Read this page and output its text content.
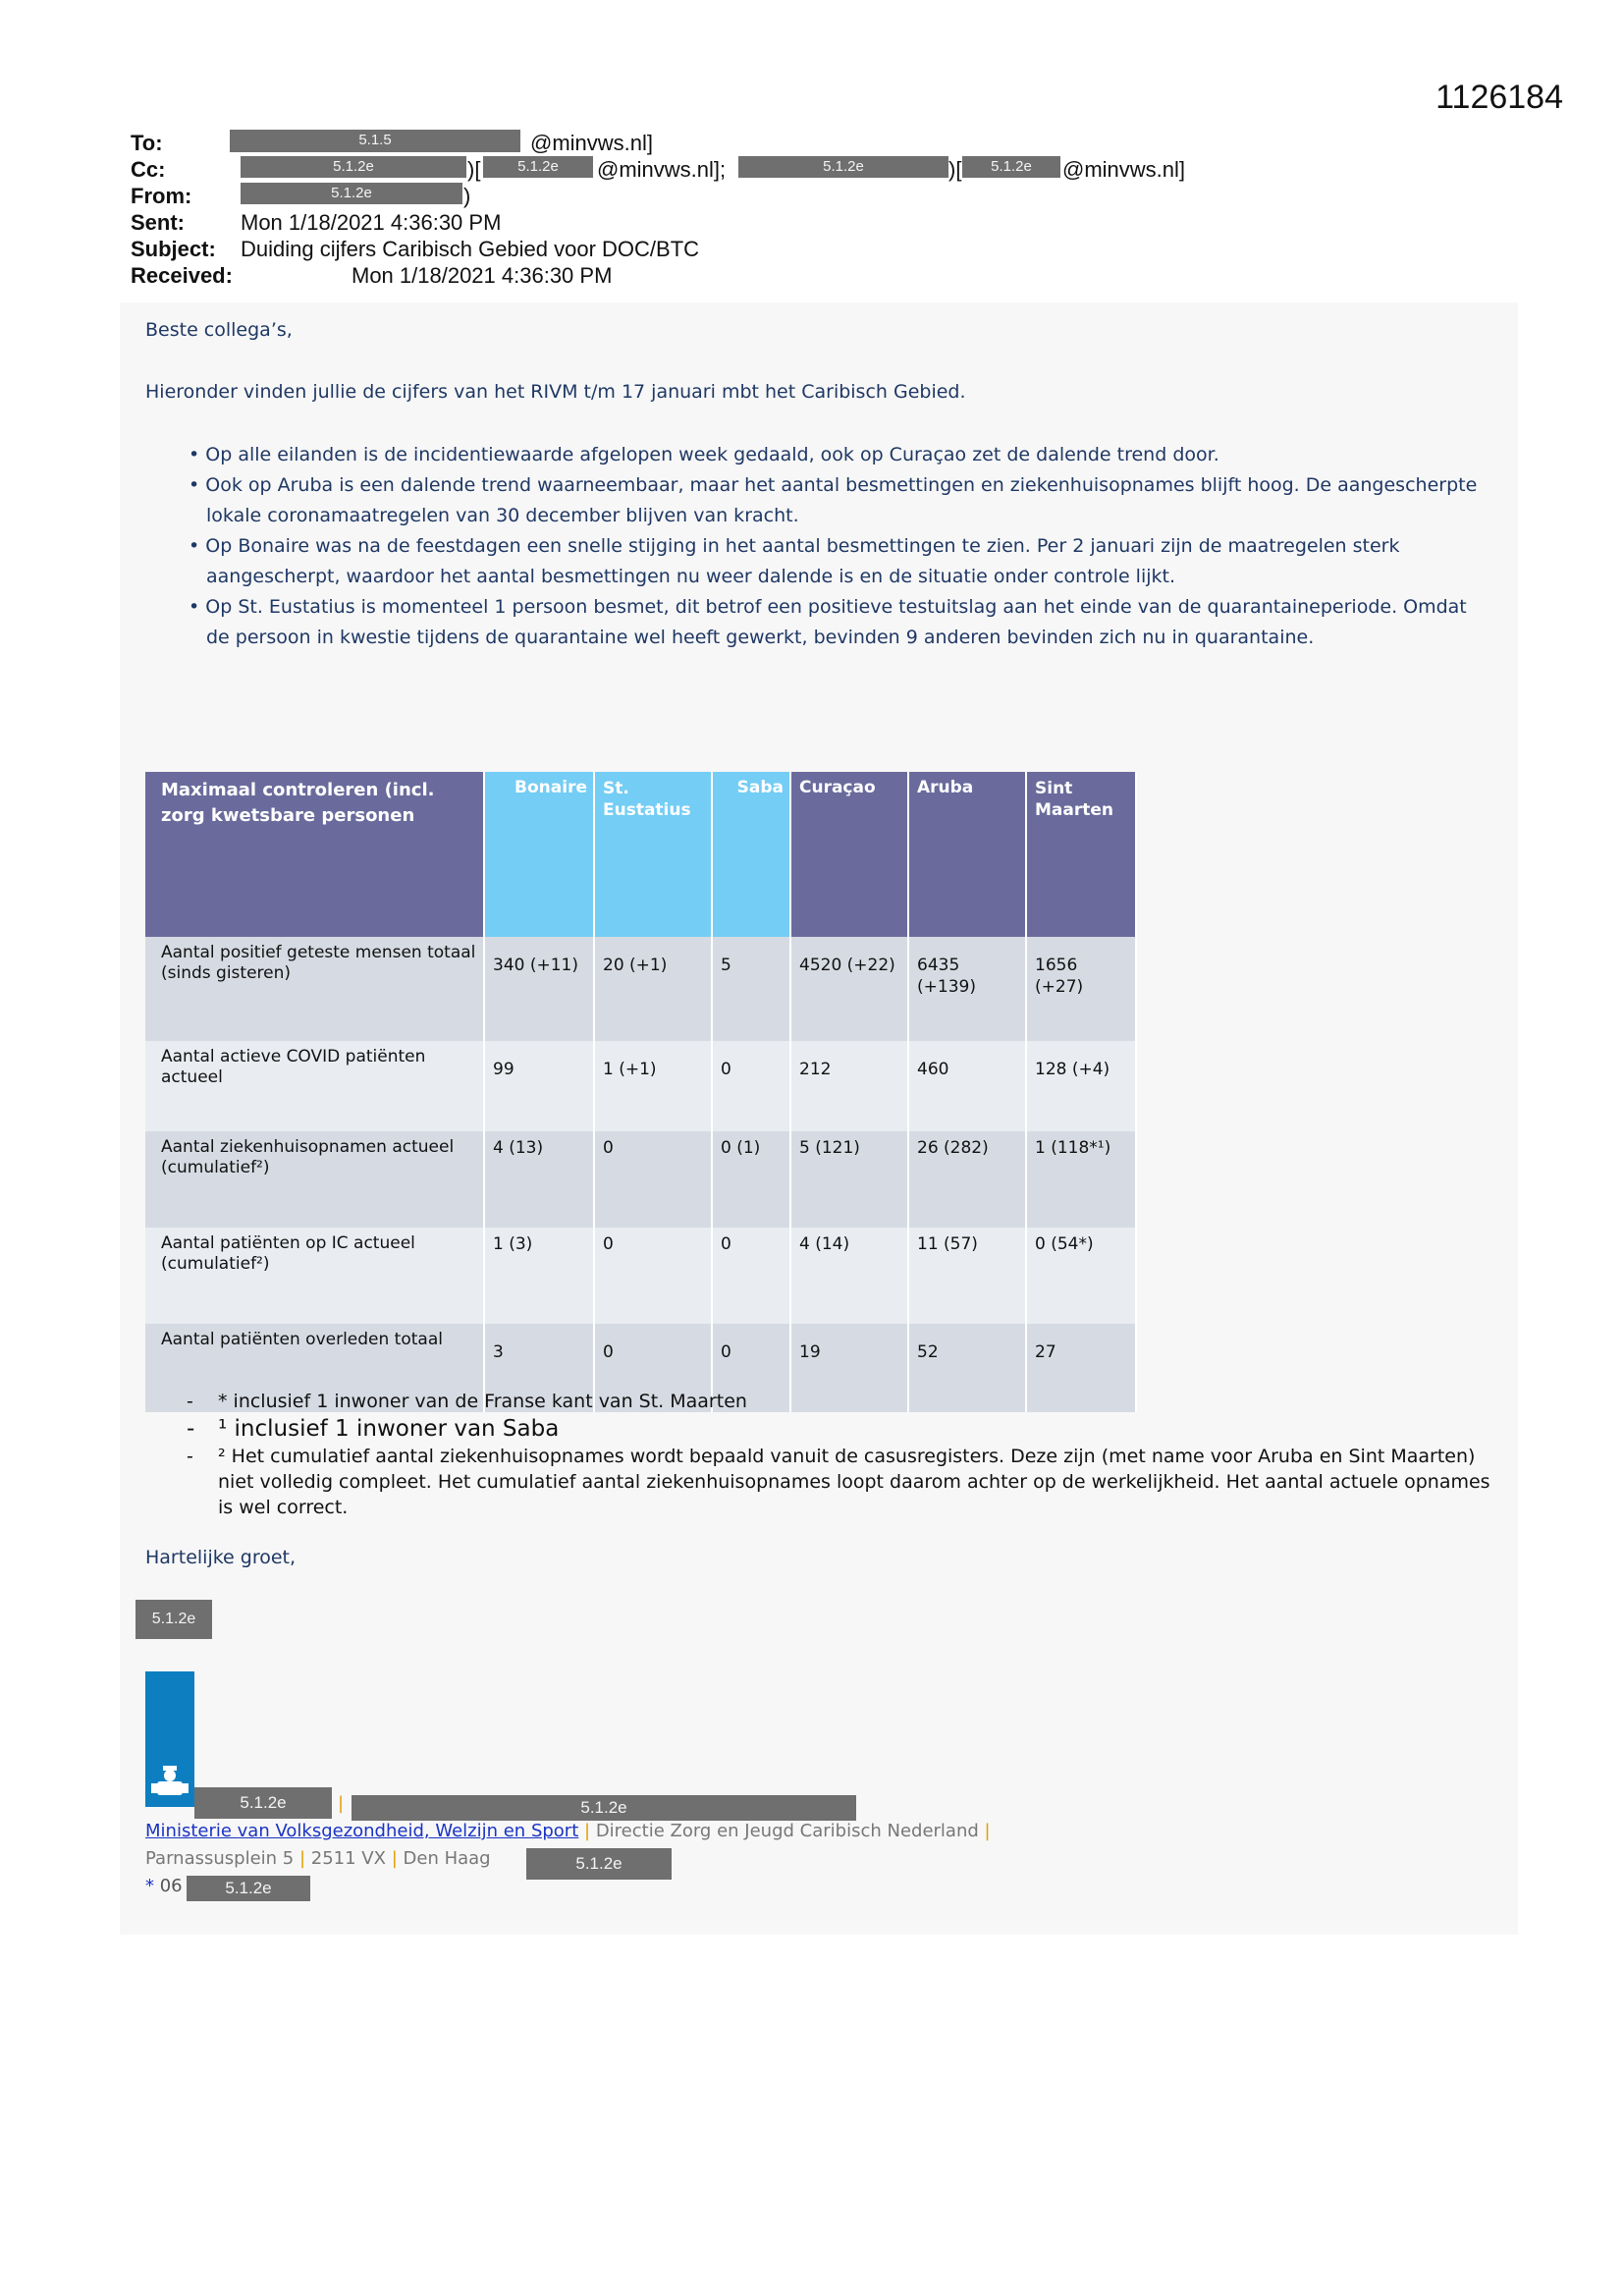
1126184
To:	5.1.5	@minvws.nl]
Cc:	5.1.2e	)[	5.1.2e	@minvws.nl];	5.1.2e	)[	5.1.2e	@minvws.nl]
From:	5.1.2e	)
Sent:	Mon 1/18/2021 4:36:30 PM
Subject: Duiding cijfers Caribisch Gebied voor DOC/BTC
Received:	Mon 1/18/2021 4:36:30 PM
Beste collega’s,
Hieronder vinden jullie de cijfers van het RIVM t/m 17 januari mbt het Caribisch Gebied.
• Op alle eilanden is de incidentiewaarde afgelopen week gedaald, ook op Curaçao zet de dalende trend door.
• Ook op Aruba is een dalende trend waarneembaar, maar het aantal besmettingen en ziekenhuisopnames blijft hoog. De aangescherpte lokale coronamaatregelen van 30 december blijven van kracht.
• Op Bonaire was na de feestdagen een snelle stijging in het aantal besmettingen te zien. Per 2 januari zijn de maatregelen sterk aangescherpt, waardoor het aantal besmettingen nu weer dalende is en de situatie onder controle lijkt.
• Op St. Eustatius is momenteel 1 persoon besmet, dit betrof een positieve testuitslag aan het einde van de quarantaineperiode. Omdat de persoon in kwestie tijdens de quarantaine wel heeft gewerkt, bevinden 9 anderen bevinden zich nu in quarantaine.
Maximaal controleren (incl. zorg kwetsbare personen	Bonaire	St. Eustatius	Saba	Curaçao	Aruba	Sint Maarten
Aantal positief geteste mensen totaal (sinds gisteren)	340 (+11)	20 (+1)	5	4520 (+22)	6435 (+139)	1656 (+27)
Aantal actieve COVID patiënten actueel	99	1 (+1)	0	212	460	128 (+4)
Aantal ziekenhuisopnamen actueel (cumulatief²)	4 (13)	0	0 (1)	5 (121)	26 (282)	1 (118*¹)
Aantal patiënten op IC actueel (cumulatief²)	1 (3)	0	0	4 (14)	11 (57)	0 (54*)
Aantal patiënten overleden totaal	3	0	0	19	52	27
- * inclusief 1 inwoner van de Franse kant van St. Maarten
- ¹ inclusief 1 inwoner van Saba
- ² Het cumulatief aantal ziekenhuisopnames wordt bepaald vanuit de casusregisters. Deze zijn (met name voor Aruba en Sint Maarten) niet volledig compleet. Het cumulatief aantal ziekenhuisopnames loopt daarom achter op de werkelijkheid. Het aantal actuele opnames is wel correct.
Hartelijke groet,
5.1.2e
5.1.2e	|	5.1.2e
Ministerie van Volksgezondheid, Welzijn en Sport | Directie Zorg en Jeugd Caribisch Nederland |
Parnassusplein 5 | 2511 VX | Den Haag	5.1.2e
* 06	5.1.2e
